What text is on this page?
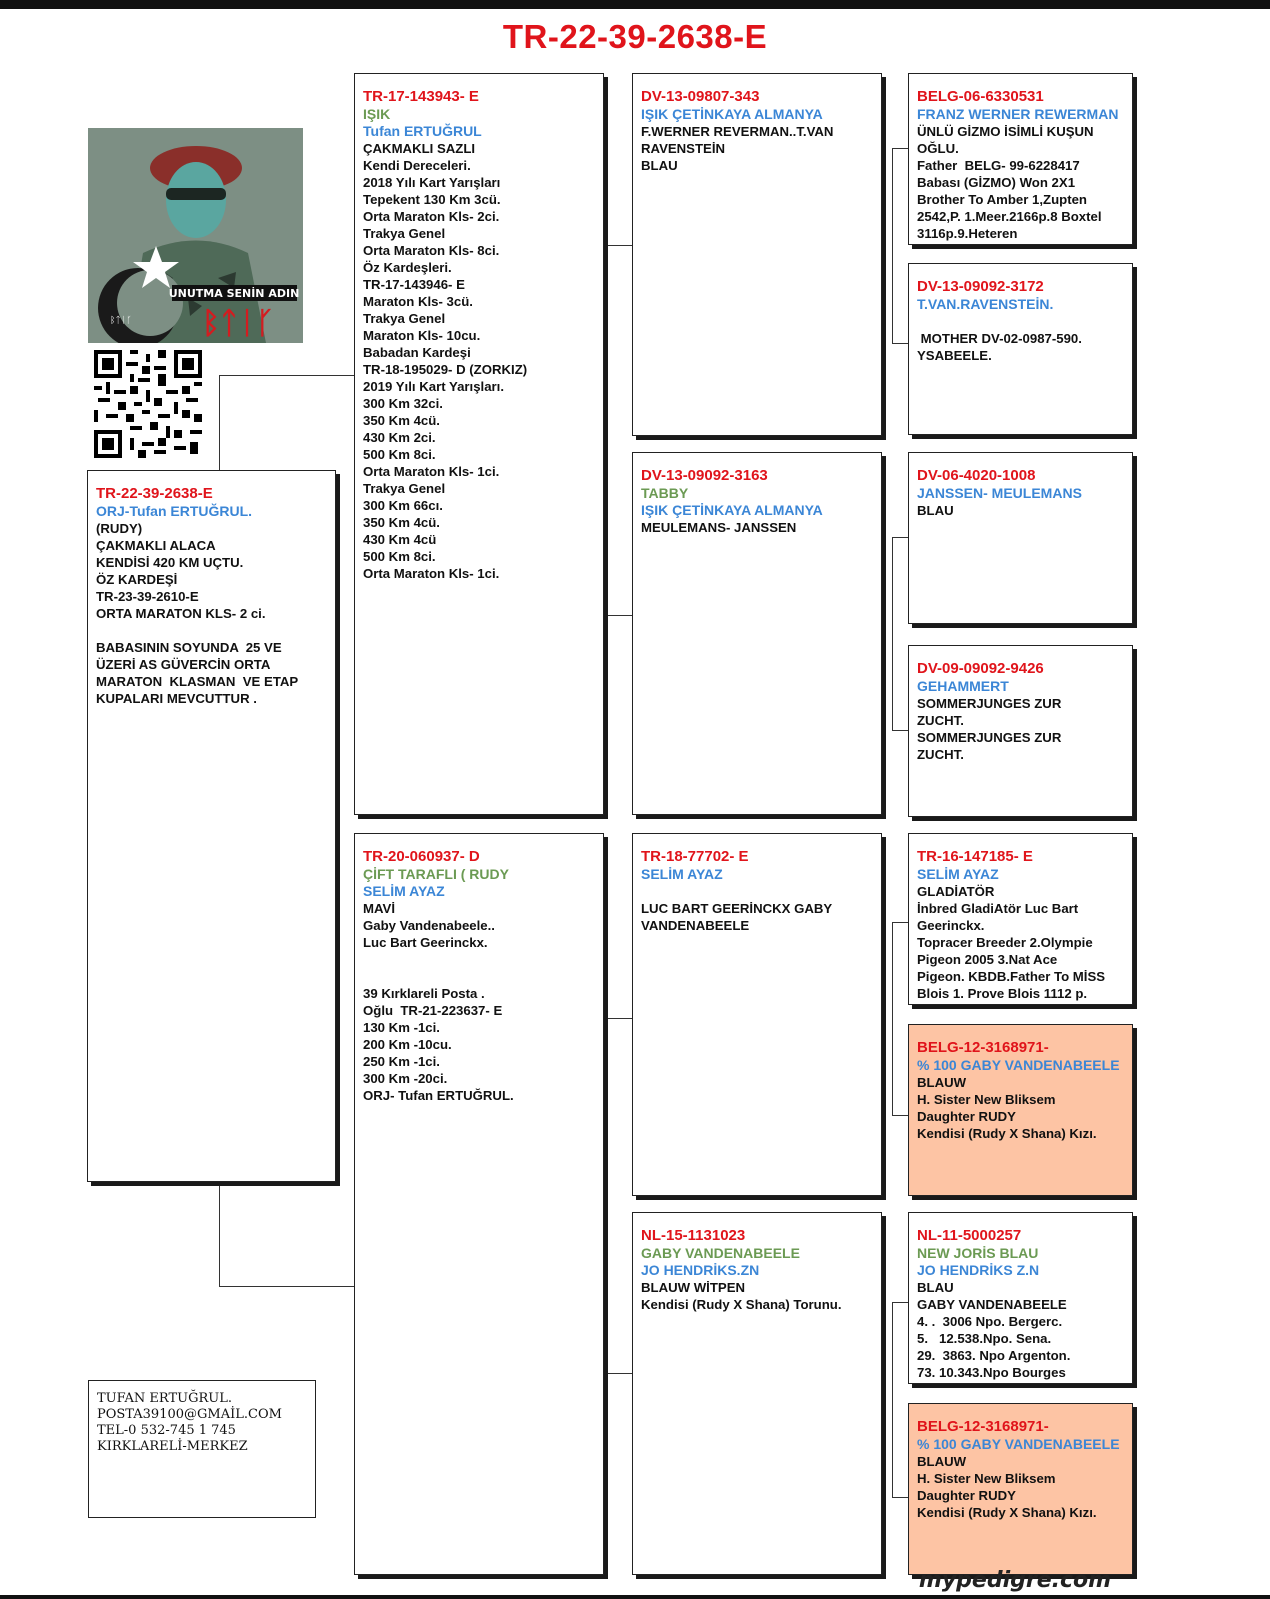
TR-22-39-2638-E
UNUTMA SENİN ADIN
ᛒᛏᛁᚴ
ᛒᛏᛁᚴ
TR-22-39-2638-E
ORJ-Tufan ERTUĞRUL.
(RUDY)
ÇAKMAKLI ALACA
KENDİSİ 420 KM UÇTU.
ÖZ KARDEŞİ
TR-23-39-2610-E
ORTA MARATON KLS- 2 ci.
BABASININ SOYUNDA  25 VE
ÜZERİ AS GÜVERCİN ORTA
MARATON  KLASMAN  VE ETAP
KUPALARI MEVCUTTUR .
TR-17-143943- E
IŞIK
Tufan ERTUĞRUL
ÇAKMAKLI SAZLI
Kendi Dereceleri.
2018 Yılı Kart Yarışları
Tepekent 130 Km 3cü.
Orta Maraton Kls- 2ci.
Trakya Genel
Orta Maraton Kls- 8ci.
Öz Kardeşleri.
TR-17-143946- E
Maraton Kls- 3cü.
Trakya Genel
Maraton Kls- 10cu.
Babadan Kardeşi
TR-18-195029- D (ZORKIZ)
2019 Yılı Kart Yarışları.
300 Km 32ci.
350 Km 4cü.
430 Km 2ci.
500 Km 8ci.
Orta Maraton Kls- 1ci.
Trakya Genel
300 Km 66cı.
350 Km 4cü.
430 Km 4cü
500 Km 8ci.
Orta Maraton Kls- 1ci.
TR-20-060937- D
ÇİFT TARAFLI ( RUDY
SELİM AYAZ
MAVİ
Gaby Vandenabeele..
Luc Bart Geerinckx.
39 Kırklareli Posta .
Oğlu  TR-21-223637- E
130 Km -1ci.
200 Km -10cu.
250 Km -1ci.
300 Km -20ci.
ORJ- Tufan ERTUĞRUL.
DV-13-09807-343
IŞIK ÇETİNKAYA ALMANYA
F.WERNER REVERMAN..T.VAN
RAVENSTEİN
BLAU
DV-13-09092-3163
TABBY
IŞIK ÇETİNKAYA ALMANYA
MEULEMANS- JANSSEN
TR-18-77702- E
SELİM AYAZ
LUC BART GEERİNCKX GABY
VANDENABEELE
NL-15-1131023
GABY VANDENABEELE
JO HENDRİKS.ZN
BLAUW WİTPEN
Kendisi (Rudy X Shana) Torunu.
BELG-06-6330531
FRANZ WERNER REWERMAN
ÜNLÜ GİZMO İSİMLİ KUŞUN
OĞLU.
Father  BELG- 99-6228417
Babası (GİZMO) Won 2X1
Brother To Amber 1,Zupten
2542,P. 1.Meer.2166p.8 Boxtel
3116p.9.Heteren
DV-13-09092-3172
T.VAN.RAVENSTEİN.
MOTHER DV-02-0987-590.
YSABEELE.
DV-06-4020-1008
JANSSEN- MEULEMANS
BLAU
DV-09-09092-9426
GEHAMMERT
SOMMERJUNGES ZUR
ZUCHT.
SOMMERJUNGES ZUR
ZUCHT.
TR-16-147185- E
SELİM AYAZ
GLADİATÖR
İnbred GladiAtör Luc Bart
Geerinckx.
Topracer Breeder 2.Olympie
Pigeon 2005 3.Nat Ace
Pigeon. KBDB.Father To MİSS
Blois 1. Prove Blois 1112 p.
BELG-12-3168971-
% 100 GABY VANDENABEELE
BLAUW
H. Sister New Bliksem
Daughter RUDY
Kendisi (Rudy X Shana) Kızı.
NL-11-5000257
NEW JORİS BLAU
JO HENDRİKS Z.N
BLAU
GABY VANDENABEELE
4. .  3006 Npo. Bergerc.
5.   12.538.Npo. Sena.
29.  3863. Npo Argenton.
73. 10.343.Npo Bourges
BELG-12-3168971-
% 100 GABY VANDENABEELE
BLAUW
H. Sister New Bliksem
Daughter RUDY
Kendisi (Rudy X Shana) Kızı.
TUFAN ERTUĞRUL.
POSTA39100@GMAİL.COM
TEL-0 532-745 1 745
KIRKLARELİ-MERKEZ
mypedigre.com
